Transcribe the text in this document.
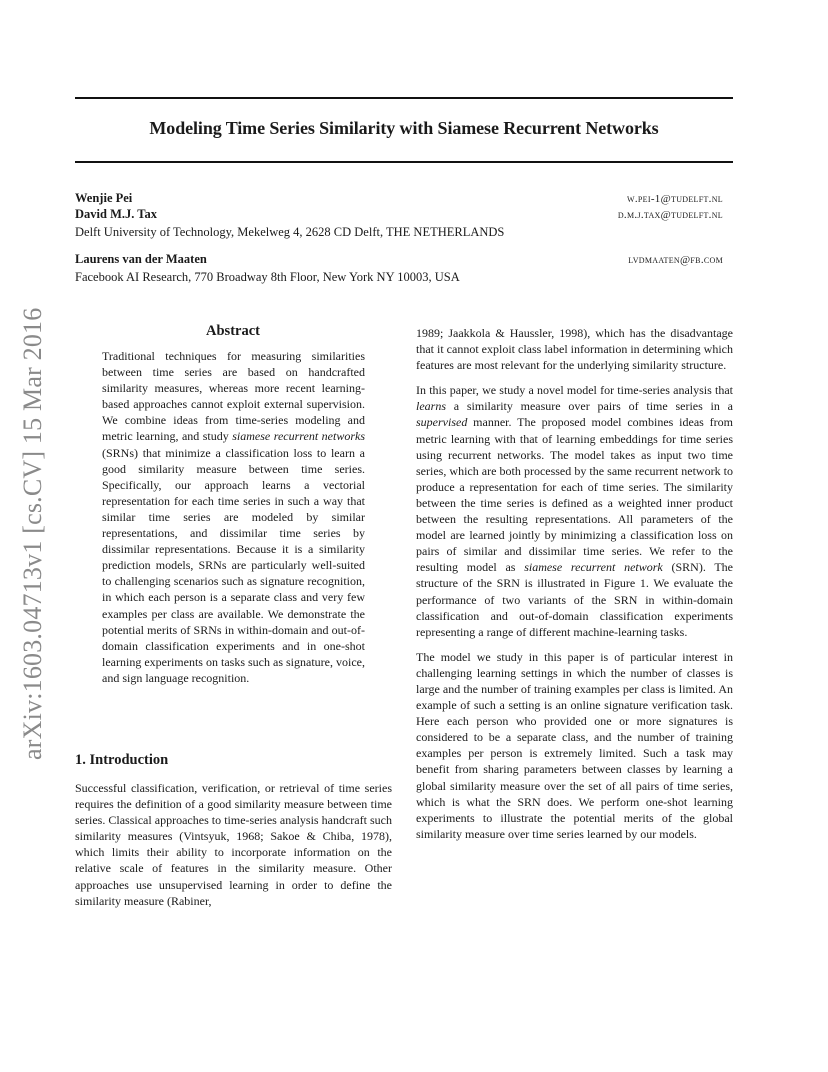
Modeling Time Series Similarity with Siamese Recurrent Networks
Wenjie Pei	w.pei-1@tudelft.nl
David M.J. Tax	d.m.j.tax@tudelft.nl
Delft University of Technology, Mekelweg 4, 2628 CD Delft, THE NETHERLANDS
Laurens van der Maaten	lvdmaaten@fb.com
Facebook AI Research, 770 Broadway 8th Floor, New York NY 10003, USA
arXiv:1603.04713v1 [cs.CV] 15 Mar 2016	Abstract

Traditional techniques for measuring similarities between time series are based on handcrafted similarity measures, whereas more recent learning-based approaches cannot exploit external supervision. We combine ideas from time-series modeling and metric learning, and study siamese recurrent networks (SRNs) that minimize a classification loss to learn a good similarity measure between time series. Specifically, our approach learns a vectorial representation for each time series in such a way that similar time series are modeled by similar representations, and dissimilar time series by dissimilar representations. Because it is a similarity prediction models, SRNs are particularly well-suited to challenging scenarios such as signature recognition, in which each person is a separate class and very few examples per class are available. We demonstrate the potential merits of SRNs in within-domain and out-of-domain classification experiments and in one-shot learning experiments on tasks such as signature, voice, and sign language recognition.

1. Introduction

Successful classification, verification, or retrieval of time series requires the definition of a good similarity measure between time series. Classical approaches to time-series analysis handcraft such similarity measures (Vintsyuk, 1968; Sakoe & Chiba, 1978), which limits their ability to incorporate information on the relative scale of features in the similarity measure. Other approaches use unsupervised learning in order to define the similarity measure (Rabiner,

1989; Jaakkola & Haussler, 1998), which has the disadvantage that it cannot exploit class label information in determining which features are most relevant for the underlying similarity structure.

In this paper, we study a novel model for time-series analysis that learns a similarity measure over pairs of time series in a supervised manner. The proposed model combines ideas from metric learning with that of learning embeddings for time series using recurrent networks. The model takes as input two time series, which are both processed by the same recurrent network to produce a representation for each of time series. The similarity between the time series is defined as a weighted inner product between the resulting representations. All parameters of the model are learned jointly by minimizing a classification loss on pairs of similar and dissimilar time series. We refer to the resulting model as siamese recurrent network (SRN). The structure of the SRN is illustrated in Figure 1. We evaluate the performance of two variants of the SRN in within-domain classification and out-of-domain classification experiments representing a range of different machine-learning tasks.

The model we study in this paper is of particular interest in challenging learning settings in which the number of classes is large and the number of training examples per class is limited. An example of such a setting is an online signature verification task. Here each person who provided one or more signatures is considered to be a separate class, and the number of training examples per person is extremely limited. Such a task may benefit from sharing parameters between classes by learning a global similarity measure over the set of all pairs of time series, which is what the SRN does. We perform one-shot learning experiments to illustrate the potential merits of the global similarity measure over time series learned by our models.
